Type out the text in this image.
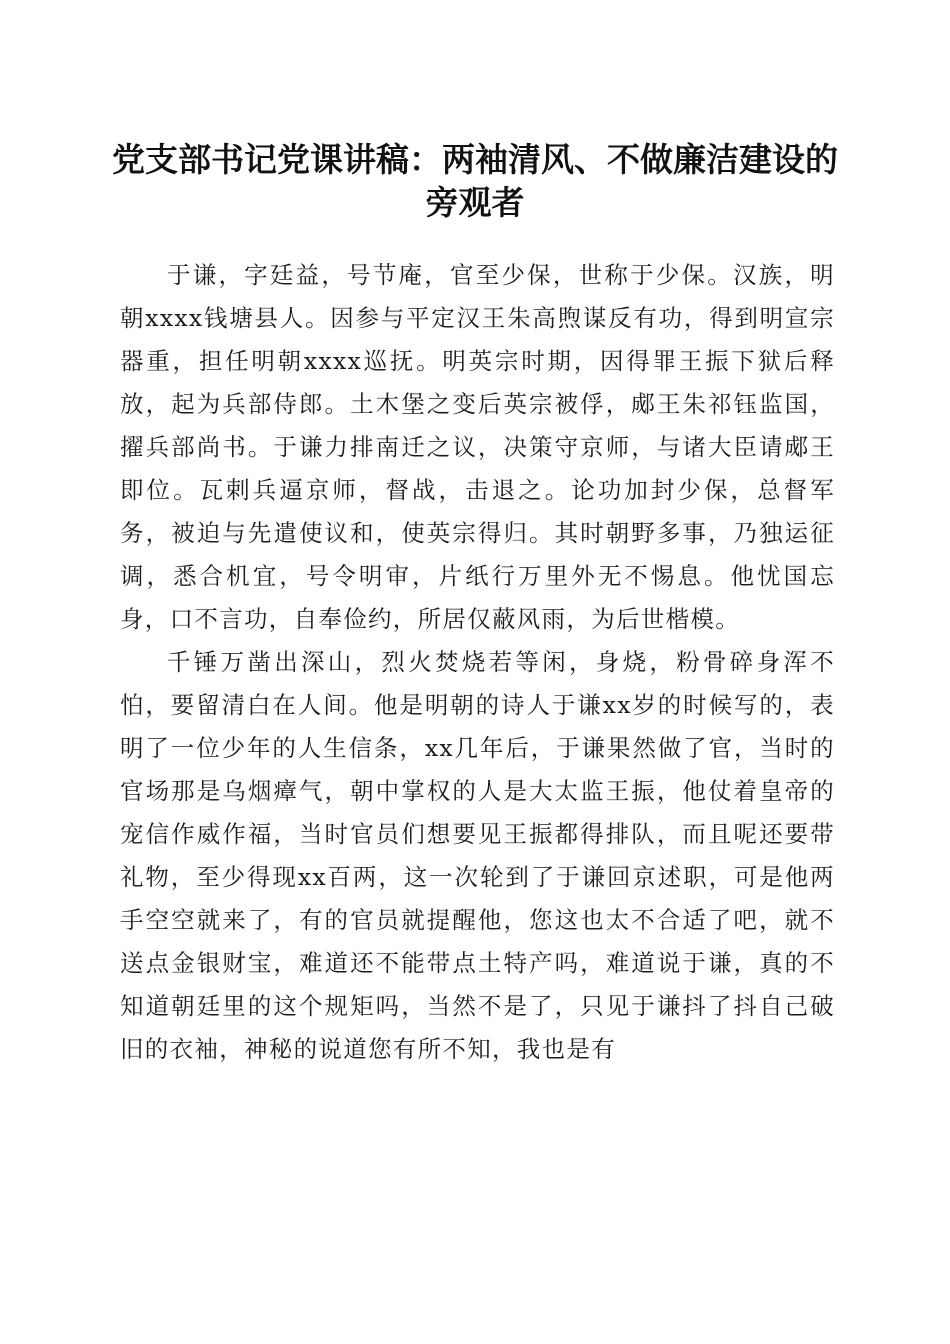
党支部书记党课讲稿：两袖清风、不做廉洁建设的旁观者

于谦，字廷益，号节庵，官至少保，世称于少保。汉族，明朝xxxx钱塘县人。因参与平定汉王朱高煦谋反有功，得到明宣宗器重，担任明朝xxxx巡抚。明英宗时期，因得罪王振下狱后释放，起为兵部侍郎。土木堡之变后英宗被俘，郕王朱祁钰监国，擢兵部尚书。于谦力排南迁之议，决策守京师，与诸大臣请郕王即位。瓦剌兵逼京师，督战，击退之。论功加封少保，总督军务，被迫与先遣使议和，使英宗得归。其时朝野多事，乃独运征调，悉合机宜，号令明审，片纸行万里外无不惕息。他忧国忘身，口不言功，自奉俭约，所居仅蔽风雨，为后世楷模。

千锤万凿出深山，烈火焚烧若等闲，身烧，粉骨碎身浑不怕，要留清白在人间。他是明朝的诗人于谦xx岁的时候写的，表明了一位少年的人生信条，xx几年后，于谦果然做了官，当时的官场那是乌烟瘴气，朝中掌权的人是大太监王振，他仗着皇帝的宠信作威作福，当时官员们想要见王振都得排队，而且呢还要带礼物，至少得现xx百两，这一次轮到了于谦回京述职，可是他两手空空就来了，有的官员就提醒他，您这也太不合适了吧，就不送点金银财宝，难道还不能带点土特产吗，难道说于谦，真的不知道朝廷里的这个规矩吗，当然不是了，只见于谦抖了抖自己破旧的衣袖，神秘的说道您有所不知，我也是有
